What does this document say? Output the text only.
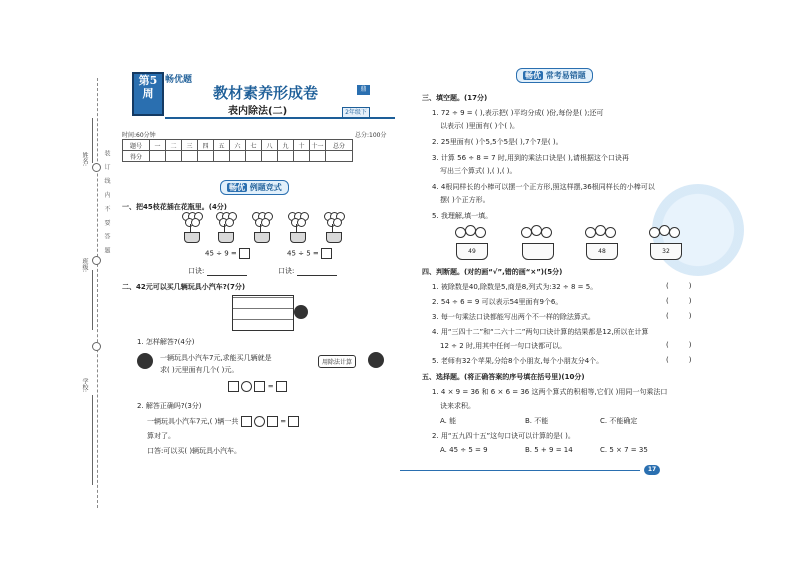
姓名:
班级:
学校:
装 订 线 内 不 要 答 题
第5周
畅优题
教材素养形成卷	鼎
表内除法(二)	2年级下
时间:60分钟	总分:100分
题号	一	二	三	四	五	六	七	八	九	十	十一	总分
得分												
畅优 例题竞式
一、把45枝花插在花瓶里。(4分)
45 ÷ 9 =	45 ÷ 5 =
口诀:	口诀:
二、42元可以买几辆玩具小汽车?(7分)
1. 怎样解答?(4分)
一辆玩具小汽车7元,求能买几辆就是
求( )元里面有几个( )元。
用除法计算
=
2. 解答正确吗?(3分)
一辆玩具小汽车7元,( )辆一共	=
算对了。
口答:可以买( )辆玩具小汽车。
畅优 常考易错题
三、填空题。(17分)
1. 72 ÷ 9 = ( ),表示把( )平均分成( )份,每份是( );还可
以表示( )里面有( )个( )。
2. 25里面有( )个5,5个5是( ),7个7是( )。
3. 计算 56 ÷ 8 = 7 时,用到的乘法口诀是( ),请根据这个口诀再
写出三个算式( ),( ),( )。
4. 4根同样长的小棒可以摆一个正方形,照这样摆,36根同样长的小棒可以
摆( )个正方形。
5. 我理解,填一填。
49	48	32
四、判断题。(对的画“√”,错的画“×”)(5分)
1. 被除数是40,除数是5,商是8,列式为:32 ÷ 8 = 5。
2. 54 ÷ 6 = 9 可以表示54里面有9个6。
3. 每一句乘法口诀都能写出两个不一样的除法算式。
4. 用“三四十二”和“二六十二”两句口诀计算的结果都是12,所以在计算
12 ÷ 2 时,用其中任何一句口诀都可以。
5. 老师有32个苹果,分给8个小朋友,每个小朋友分4个。
(	)
(	)
(	)
(	)
(	)
五、选择题。(将正确答案的序号填在括号里)(10分)
1. 4 × 9 = 36 和 6 × 6 = 36 这两个算式的积相等,它们( )用同一句乘法口
诀来求积。
A. 能	B. 不能	C. 不能确定
2. 用“五九四十五”这句口诀可以计算的是( )。
A. 45 ÷ 5 = 9	B. 5 + 9 = 14	C. 5 × 7 = 35
17
